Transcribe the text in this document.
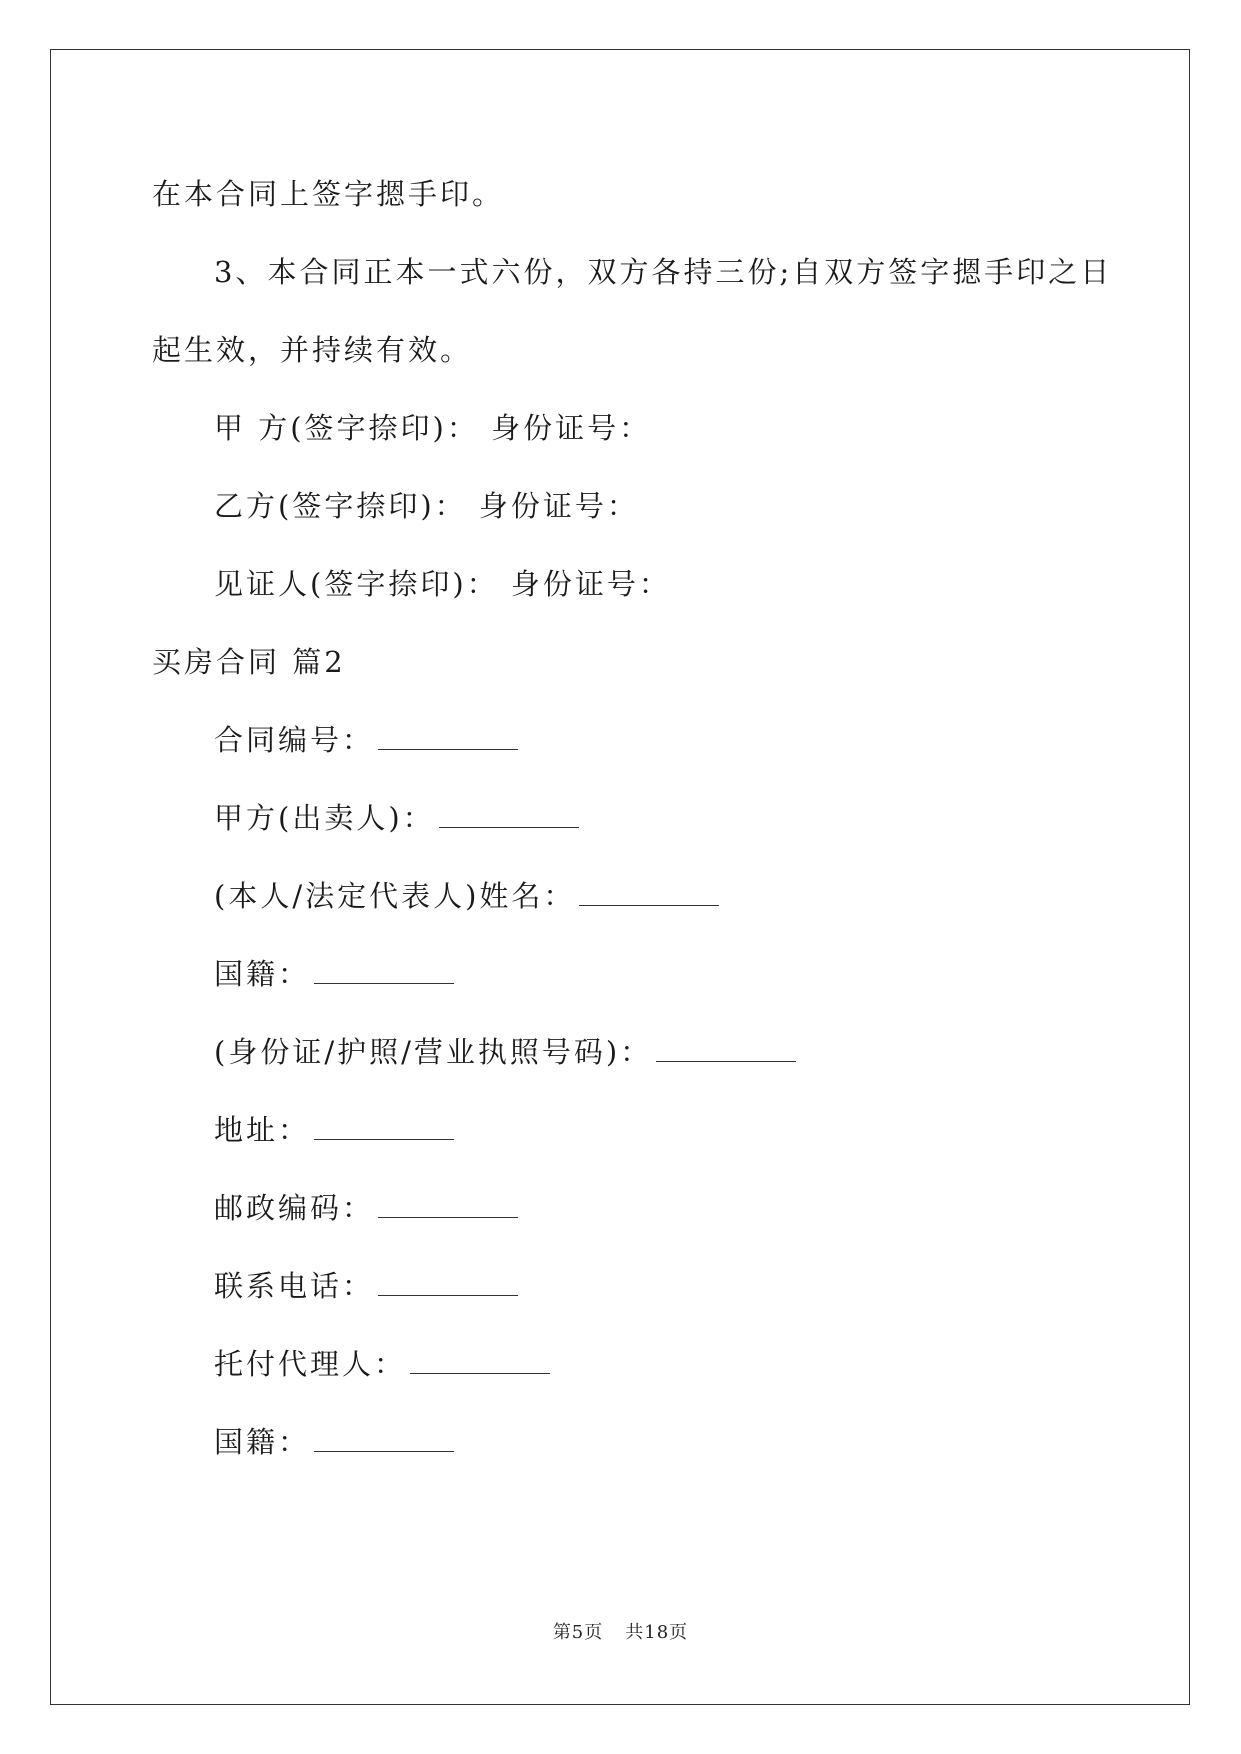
在本合同上签字摁手印。
3、本合同正本一式六份，双方各持三份;自双方签字摁手印之日
起生效，并持续有效。
甲 方(签字捺印)： 身份证号：
乙方(签字捺印)： 身份证号：
见证人(签字捺印)： 身份证号：
买房合同 篇2
合同编号：
甲方(出卖人)：
(本人/法定代表人)姓名：
国籍：
(身份证/护照/营业执照号码)：
地址：
邮政编码：
联系电话：
托付代理人：
国籍：
第5页 共18页
